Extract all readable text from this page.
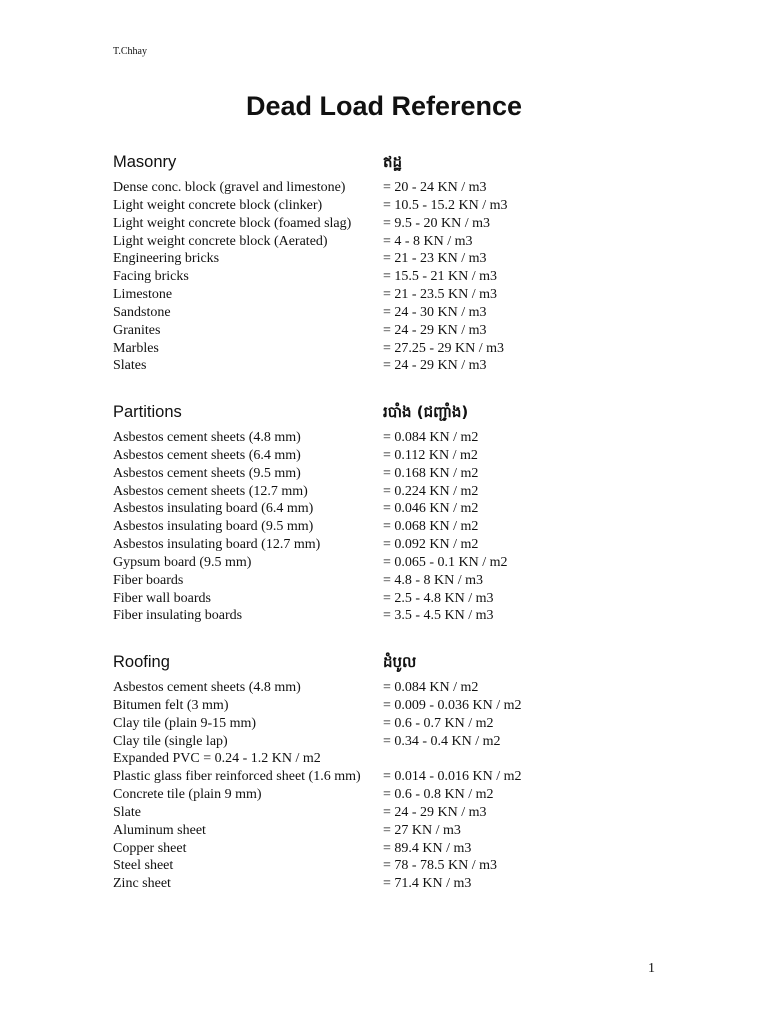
T.Chhay
Dead Load Reference
Masonry	ឥដ្ឋ
Dense conc. block (gravel and limestone)	= 20 - 24 KN / m3
Light weight concrete block (clinker)	= 10.5 - 15.2 KN / m3
Light weight concrete block (foamed slag) = 9.5 - 20 KN / m3
Light weight concrete block (Aerated)	= 4 - 8 KN / m3
Engineering bricks	= 21 - 23 KN / m3
Facing bricks	= 15.5 - 21 KN / m3
Limestone	= 21 - 23.5 KN / m3
Sandstone	= 24 - 30 KN / m3
Granites	= 24 - 29 KN / m3
Marbles	= 27.25 - 29 KN / m3
Slates	= 24 - 29 KN / m3
Partitions	របាំង (ជញ្ជាំង)
Asbestos cement sheets (4.8 mm)	= 0.084 KN / m2
Asbestos cement sheets (6.4 mm)	= 0.112 KN / m2
Asbestos cement sheets (9.5 mm)	= 0.168 KN / m2
Asbestos cement sheets (12.7 mm)	= 0.224 KN / m2
Asbestos insulating board (6.4 mm)	= 0.046 KN / m2
Asbestos insulating board (9.5 mm)	= 0.068 KN / m2
Asbestos insulating board (12.7 mm)	= 0.092 KN / m2
Gypsum board (9.5 mm)	= 0.065 - 0.1 KN / m2
Fiber boards	= 4.8 - 8 KN / m3
Fiber wall boards	= 2.5 - 4.8 KN / m3
Fiber insulating boards	= 3.5 - 4.5 KN / m3
Roofing	ដំបូល
Asbestos cement sheets (4.8 mm)	= 0.084 KN / m2
Bitumen felt (3 mm)	= 0.009 - 0.036 KN / m2
Clay tile (plain 9-15 mm)	= 0.6 - 0.7 KN / m2
Clay tile (single lap)	= 0.34 - 0.4 KN / m2
Expanded PVC = 0.24 - 1.2 KN / m2
Plastic glass fiber reinforced sheet (1.6 mm) = 0.014 - 0.016 KN / m2
Concrete tile (plain 9 mm)	= 0.6 - 0.8 KN / m2
Slate	= 24 - 29 KN / m3
Aluminum sheet	= 27 KN / m3
Copper sheet	= 89.4 KN / m3
Steel sheet	= 78 - 78.5 KN / m3
Zinc sheet	= 71.4 KN / m3
1
